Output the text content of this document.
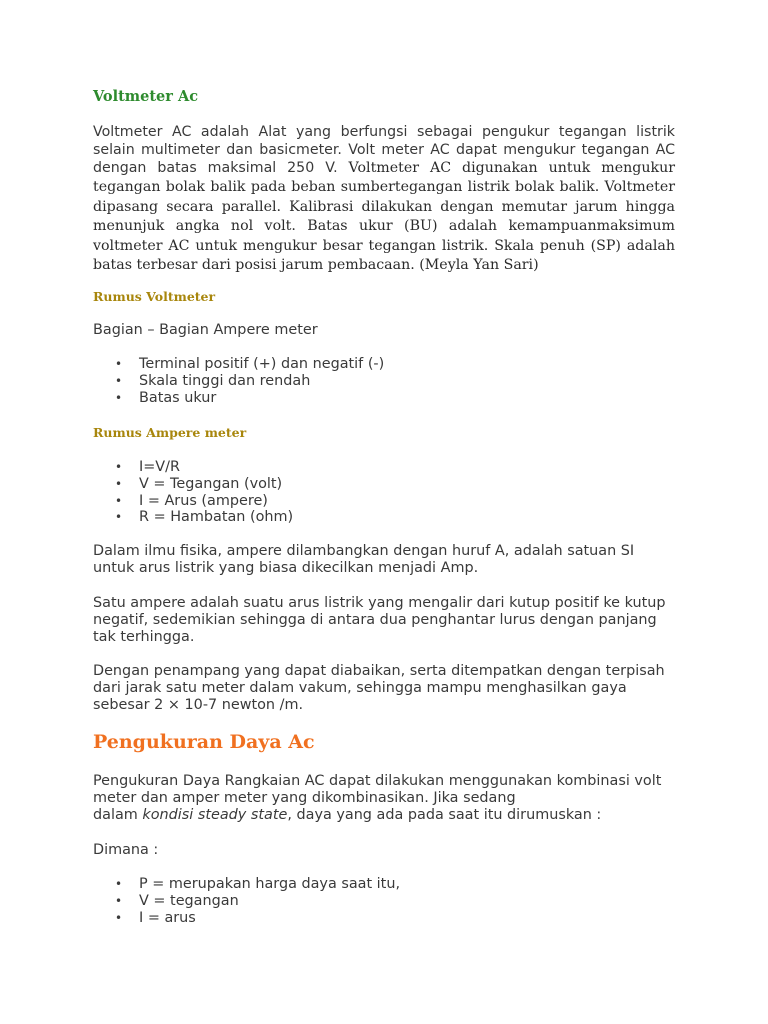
Voltmeter Ac

Voltmeter AC adalah Alat yang berfungsi sebagai pengukur tegangan listrik selain multimeter dan basicmeter. Volt meter AC dapat mengukur tegangan AC dengan batas maksimal 250 V. Voltmeter AC digunakan untuk mengukur tegangan bolak balik pada beban sumbertegangan listrik bolak balik. Voltmeter dipasang secara parallel. Kalibrasi dilakukan dengan memutar jarum hingga menunjuk angka nol volt. Batas ukur (BU) adalah kemampuanmaksimum voltmeter AC untuk mengukur besar tegangan listrik. Skala penuh (SP) adalah batas terbesar dari posisi jarum pembacaan. (Meyla Yan Sari)

Rumus Voltmeter

Bagian – Bagian Ampere meter

• Terminal positif (+) dan negatif (-)
• Skala tinggi dan rendah
• Batas ukur
Rumus Ampere meter
• I=V/R
• V = Tegangan (volt)
• I = Arus (ampere)
• R = Hambatan (ohm)

Dalam ilmu fisika, ampere dilambangkan dengan huruf A, adalah satuan SI untuk arus listrik yang biasa dikecilkan menjadi Amp.

Satu ampere adalah suatu arus listrik yang mengalir dari kutup positif ke kutup negatif, sedemikian sehingga di antara dua penghantar lurus dengan panjang tak terhingga.

Dengan penampang yang dapat diabaikan, serta ditempatkan dengan terpisah dari jarak satu meter dalam vakum, sehingga mampu menghasilkan gaya sebesar 2 × 10-7 newton /m.

Pengukuran Daya Ac

Pengukuran Daya Rangkaian AC dapat dilakukan menggunakan kombinasi volt meter dan amper meter yang dikombinasikan. Jika sedang
dalam kondisi steady state, daya yang ada pada saat itu dirumuskan :

Dimana :

• P = merupakan harga daya saat itu,
• V = tegangan
• I = arus
